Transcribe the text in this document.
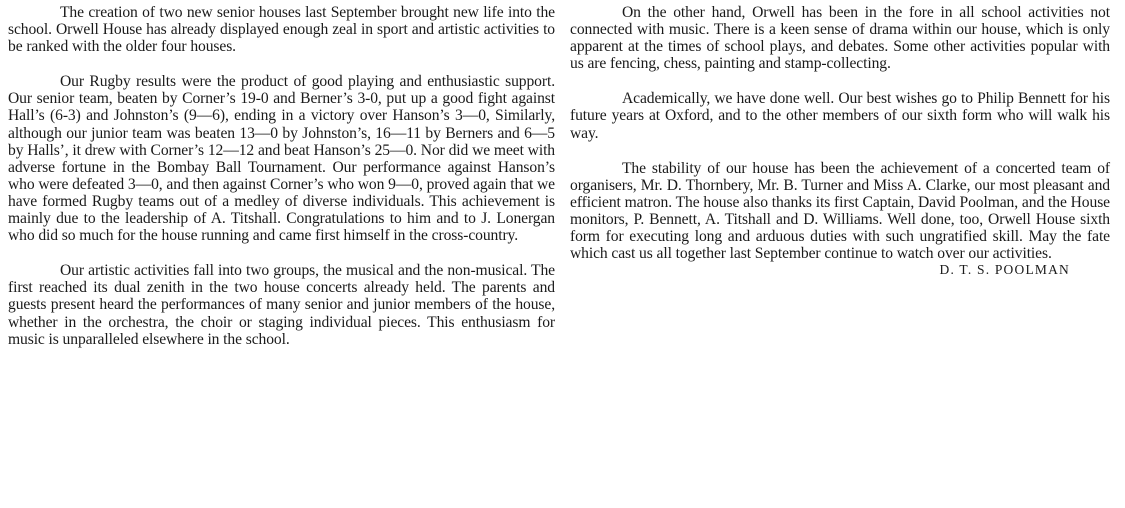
The creation of two new senior houses last September brought new life into the school. Orwell House has already displayed enough zeal in sport and artistic activities to be ranked with the older four houses.

Our Rugby results were the product of good playing and enthusiastic support. Our senior team, beaten by Corner’s 19-0 and Berner’s 3-0, put up a good fight against Hall’s (6-3) and Johnston’s (9—6), ending in a victory over Hanson’s 3—0, Similarly, although our junior team was beaten 13—0 by Johnston’s, 16—11 by Berners and 6—5 by Halls’, it drew with Corner’s 12—12 and beat Hanson’s 25—0. Nor did we meet with adverse fortune in the Bombay Ball Tournament. Our performance against Hanson’s who were defeated 3—0, and then against Corner’s who won 9—0, proved again that we have formed Rugby teams out of a medley of diverse individuals. This achievement is mainly due to the leadership of A. Titshall. Congratulations to him and to J. Lonergan who did so much for the house running and came first himself in the cross-country.

Our artistic activities fall into two groups, the musical and the non-musical. The first reached its dual zenith in the two house concerts already held. The parents and guests present heard the performances of many senior and junior members of the house, whether in the orchestra, the choir or staging individual pieces. This enthusiasm for music is unparalleled elsewhere in the school.

On the other hand, Orwell has been in the fore in all school activities not connected with music. There is a keen sense of drama within our house, which is only apparent at the times of school plays, and debates. Some other activities popular with us are fencing, chess, painting and stamp-collecting.

Academically, we have done well. Our best wishes go to Philip Bennett for his future years at Oxford, and to the other members of our sixth form who will walk his way.

The stability of our house has been the achievement of a concerted team of organisers, Mr. D. Thornbery, Mr. B. Turner and Miss A. Clarke, our most pleasant and efficient matron. The house also thanks its first Captain, David Poolman, and the House monitors, P. Bennett, A. Titshall and D. Williams. Well done, too, Orwell House sixth form for executing long and arduous duties with such ungratified skill. May the fate which cast us all together last September continue to watch over our activities.

D. T. S. POOLMAN
